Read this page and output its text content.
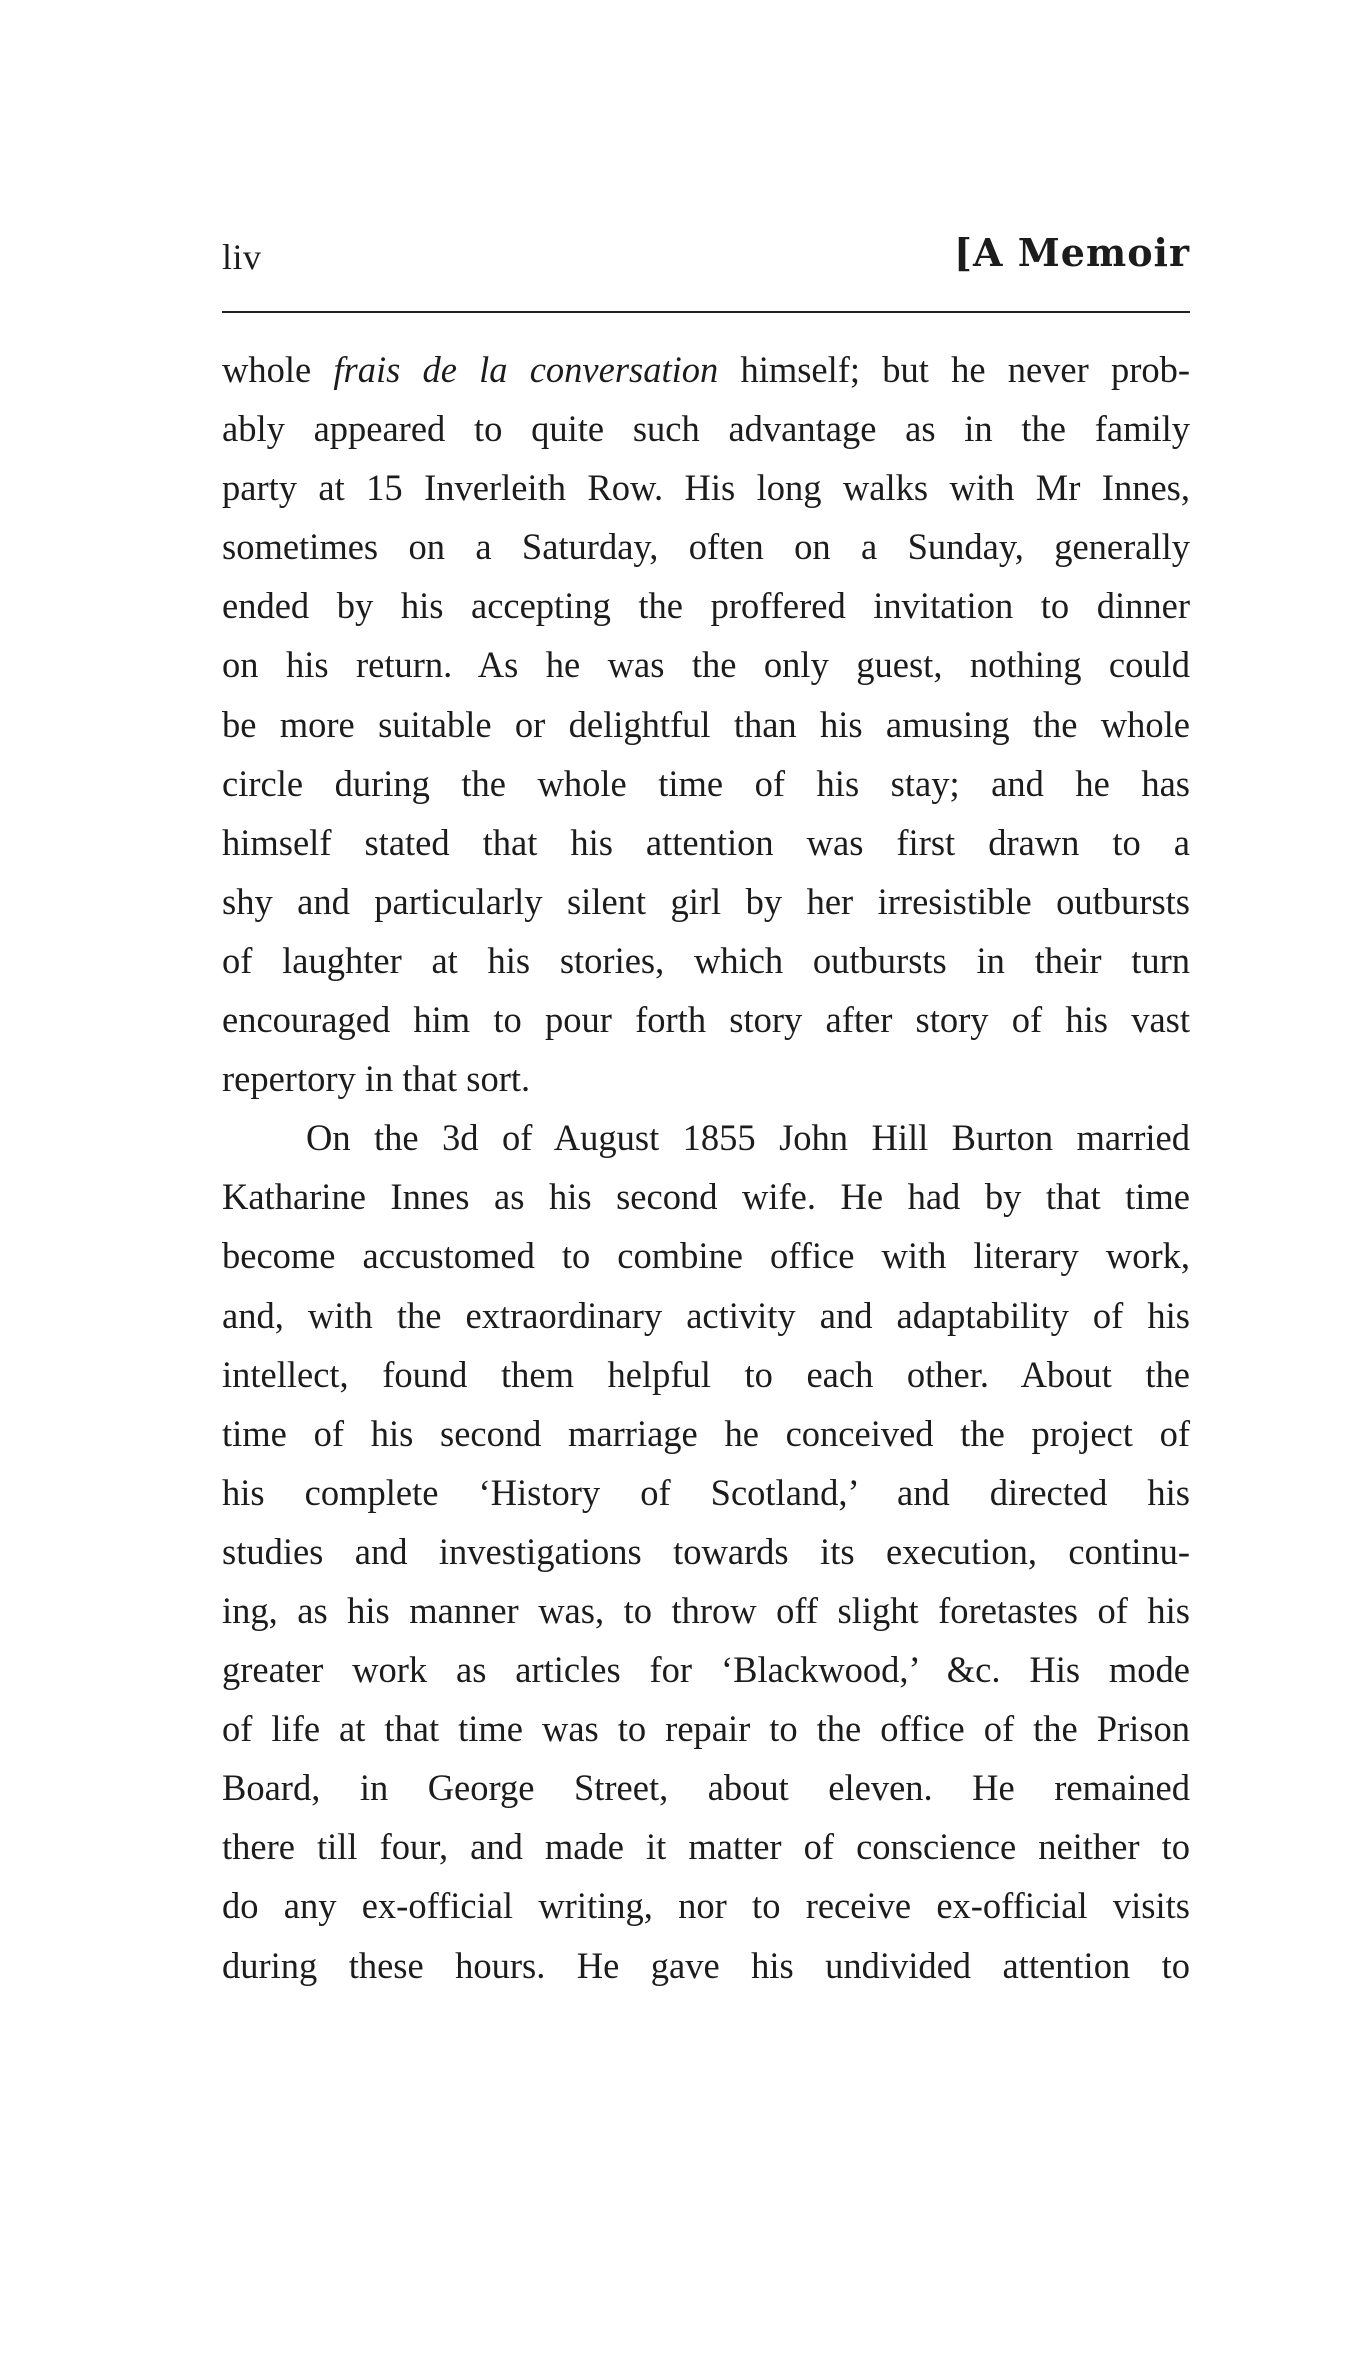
liv	[A Memoir
whole frais de la conversation himself; but he never prob-
ably appeared to quite such advantage as in the family
party at 15 Inverleith Row. His long walks with Mr Innes,
sometimes on a Saturday, often on a Sunday, generally
ended by his accepting the proffered invitation to dinner
on his return. As he was the only guest, nothing could
be more suitable or delightful than his amusing the whole
circle during the whole time of his stay; and he has
himself stated that his attention was first drawn to a
shy and particularly silent girl by her irresistible outbursts
of laughter at his stories, which outbursts in their turn
encouraged him to pour forth story after story of his vast
repertory in that sort.
On the 3d of August 1855 John Hill Burton married
Katharine Innes as his second wife. He had by that time
become accustomed to combine office with literary work,
and, with the extraordinary activity and adaptability of his
intellect, found them helpful to each other. About the
time of his second marriage he conceived the project of
his complete ‘History of Scotland,’ and directed his
studies and investigations towards its execution, continu-
ing, as his manner was, to throw off slight foretastes of his
greater work as articles for ‘Blackwood,’ &c. His mode
of life at that time was to repair to the office of the Prison
Board, in George Street, about eleven. He remained
there till four, and made it matter of conscience neither to
do any ex-official writing, nor to receive ex-official visits
during these hours. He gave his undivided attention to
